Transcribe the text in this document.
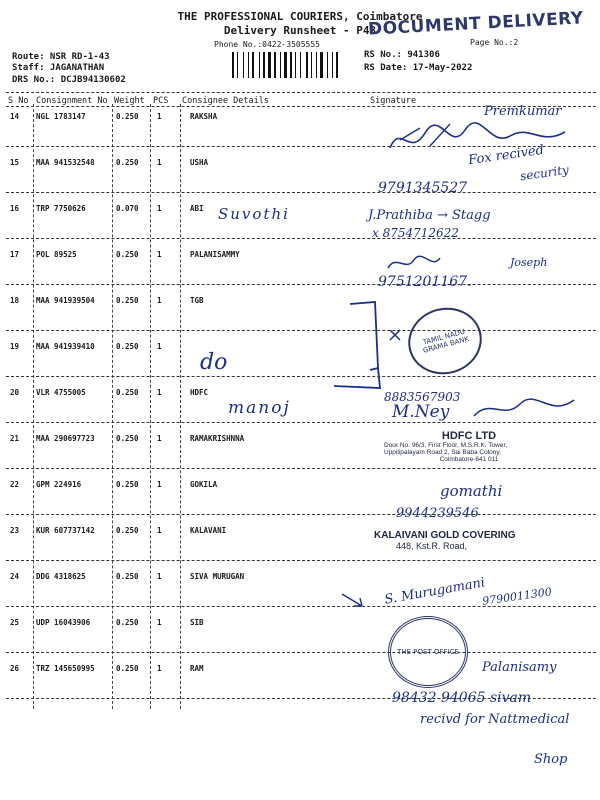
THE PROFESSIONAL COURIERS, Coimbatore
Delivery Runsheet - P43
Phone No.:0422-3505555
DOCUMENT DELIVERY
Page No.:2
Route: NSR RD-1-43
Staff: JAGANATHAN
DRS No.: DCJB94130602
RS No.: 941306
RS Date: 17-May-2022
S No Consignment No Weight PCS Consignee Details	Signature
14 NGL 1783147	0.250 1	RAKSHA
15 MAA 941532548	0.250 1	USHA
16 TRP 7750626	0.070 1	ABI
17 POL 89525	0.250 1	PALANISAMMY
18 MAA 941939504	0.250 1	TGB
19 MAA 941939410	0.250 1
20 VLR 4755005	0.250 1	HDFC
21 MAA 290697723	0.250 1	RAMAKRISHNNA
22 GPM 224916	0.250 1	GOKILA
23 KUR 607737142	0.250 1	KALAVANI
24 DDG 4318625	0.250 1	SIVA MURUGAN
25 UDP 16043906	0.250 1	SIB
26 TRZ 145650995	0.250 1	RAM
Premkumar
Fox recived
security
9791345527
Suvothi	J.Prathiba → Stagg
x 8754712622
Joseph
9751201167.
TAMIL NADU GRAMA BANK
do
8883567903
manoj	M.Ney
HDFC LTD
Door No. 96/3, First Floor, M.S.R.K. Tower,
Uppilipalayam Road 2, Sai Baba Colony,
Coimbatore-641 011
gomathi
9944239546
KALAIVANI GOLD COVERING
448, Kst.R. Road,
S. Murugamani
9790011300
THE POST OFFICE
Palanisamy
98432 94065 sivam
recivd for Nattmedical
Shop
